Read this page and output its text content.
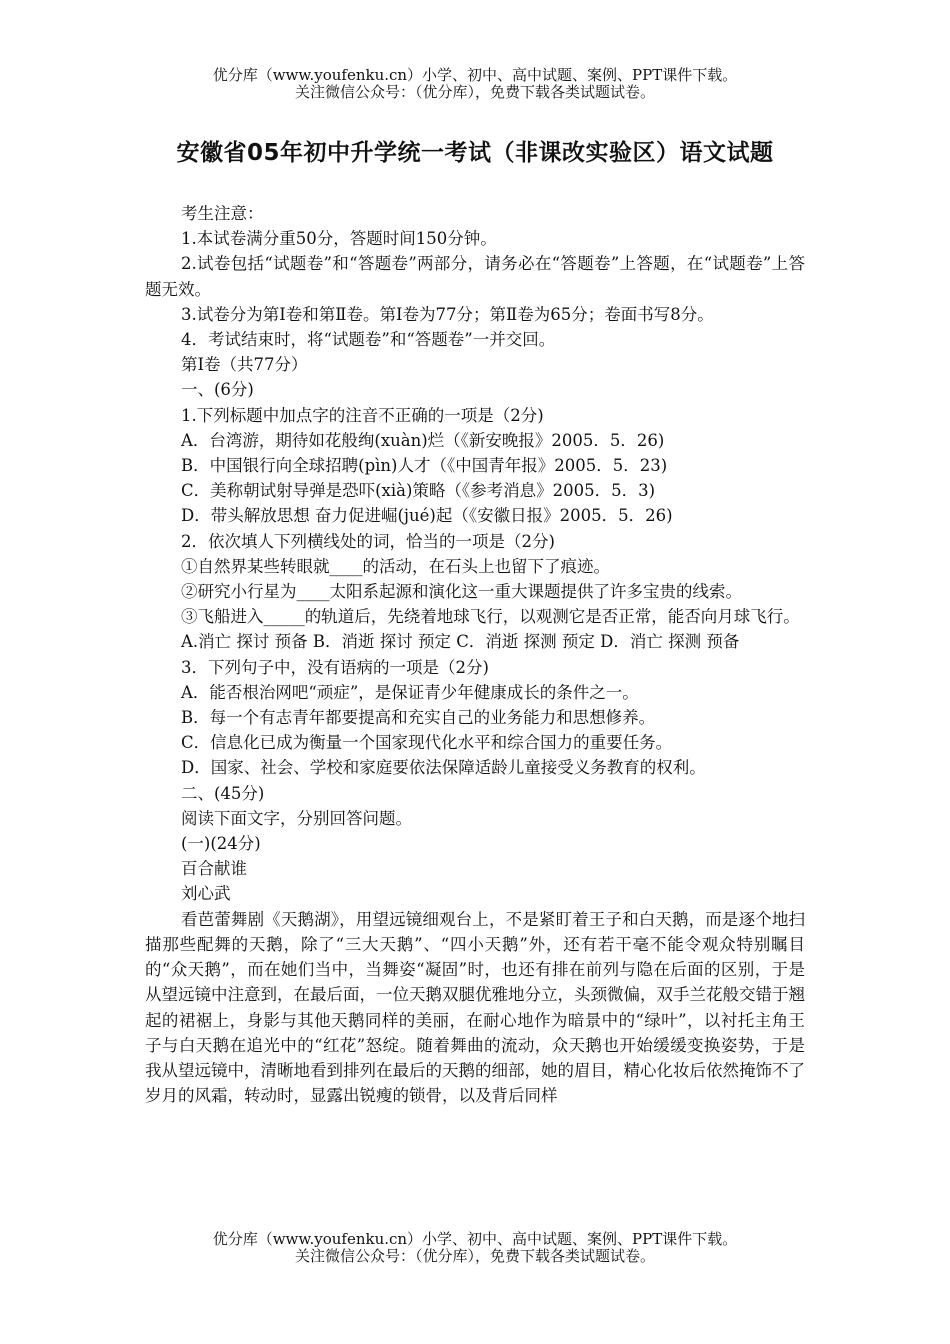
优分库（www.youfenku.cn）小学、初中、高中试题、案例、PPT课件下载。
关注微信公众号：（优分库），免费下载各类试题试卷。
安徽省05年初中升学统一考试（非课改实验区）语文试题

考生注意：

1.本试卷满分重50分，答题时间150分钟。

2.试卷包括“试题卷”和“答题卷”两部分，请务必在“答题卷”上答题，在“试题卷”上答题无效。

3.试卷分为第Ⅰ卷和第Ⅱ卷。第Ⅰ卷为77分；第Ⅱ卷为65分；卷面书写8分。

4．考试结束时，将“试题卷”和“答题卷”一并交回。

第Ⅰ卷（共77分）

一、(6分)

1.下列标题中加点字的注音不正确的一项是（2分)

A．台湾游，期待如花般绚(xuàn)烂（《新安晚报》2005．5．26)

B．中国银行向全球招聘(pìn)人才（《中国青年报》2005．5．23)

C．美称朝试射导弹是恐吓(xià)策略（《参考消息》2005．5．3)

D．带头解放思想 奋力促进崛(jué)起（《安徽日报》2005．5．26)

2．依次填人下列横线处的词，恰当的一项是（2分)

①自然界某些转眼就____的活动，在石头上也留下了痕迹。

②研究小行星为____太阳系起源和演化这一重大课题提供了许多宝贵的线索。

③飞船进入_____的轨道后，先绕着地球飞行，以观测它是否正常，能否向月球飞行。

A.消亡 探讨 预备 B．消逝 探讨 预定 C．消逝 探测 预定 D．消亡 探测 预备

3．下列句子中，没有语病的一项是（2分)

A．能否根治网吧“顽症”，是保证青少年健康成长的条件之一。

B．每一个有志青年都要提高和充实自己的业务能力和思想修养。

C．信息化已成为衡量一个国家现代化水平和综合国力的重要任务。

D．国家、社会、学校和家庭要依法保障适龄儿童接受义务教育的权利。

二、(45分)

阅读下面文字，分别回答问题。

(一)(24分)

百合献谁

刘心武

看芭蕾舞剧《天鹅湖》，用望远镜细观台上，不是紧盯着王子和白天鹅，而是逐个地扫描那些配舞的天鹅，除了“三大天鹅”、“四小天鹅”外，还有若干毫不能令观众特别瞩目的“众天鹅”，而在她们当中，当舞姿“凝固”时，也还有排在前列与隐在后面的区别，于是从望远镜中注意到，在最后面，一位天鹅双腿优雅地分立，头颈微偏，双手兰花般交错于翘起的裙裾上，身影与其他天鹅同样的美丽，在耐心地作为暗景中的“绿叶”，以衬托主角王子与白天鹅在追光中的“红花”怒绽。随着舞曲的流动，众天鹅也开始缓缓变换姿势，于是我从望远镜中，清晰地看到排列在最后的天鹅的细部，她的眉目，精心化妆后依然掩饰不了岁月的风霜，转动时，显露出锐瘦的锁骨，以及背后同样

优分库（www.youfenku.cn）小学、初中、高中试题、案例、PPT课件下载。
关注微信公众号：（优分库），免费下载各类试题试卷。
